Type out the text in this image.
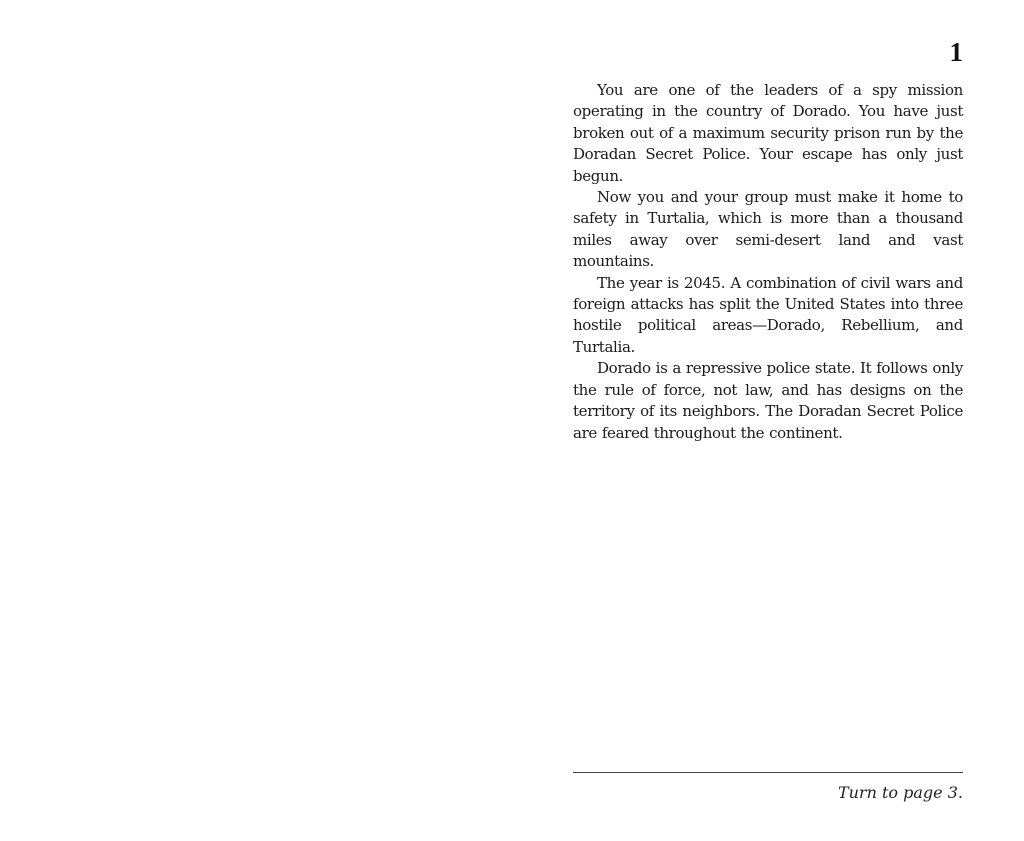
1

You are one of the leaders of a spy mission operating in the country of Dorado. You have just broken out of a maximum security prison run by the Doradan Secret Police. Your escape has only just begun.

Now you and your group must make it home to safety in Turtalia, which is more than a thousand miles away over semi-desert land and vast mountains.

The year is 2045. A combination of civil wars and foreign attacks has split the United States into three hostile political areas—Dorado, Rebellium, and Turtalia.

Dorado is a repressive police state. It follows only the rule of force, not law, and has designs on the territory of its neighbors. The Doradan Secret Police are feared throughout the continent.

Turn to page 3.
